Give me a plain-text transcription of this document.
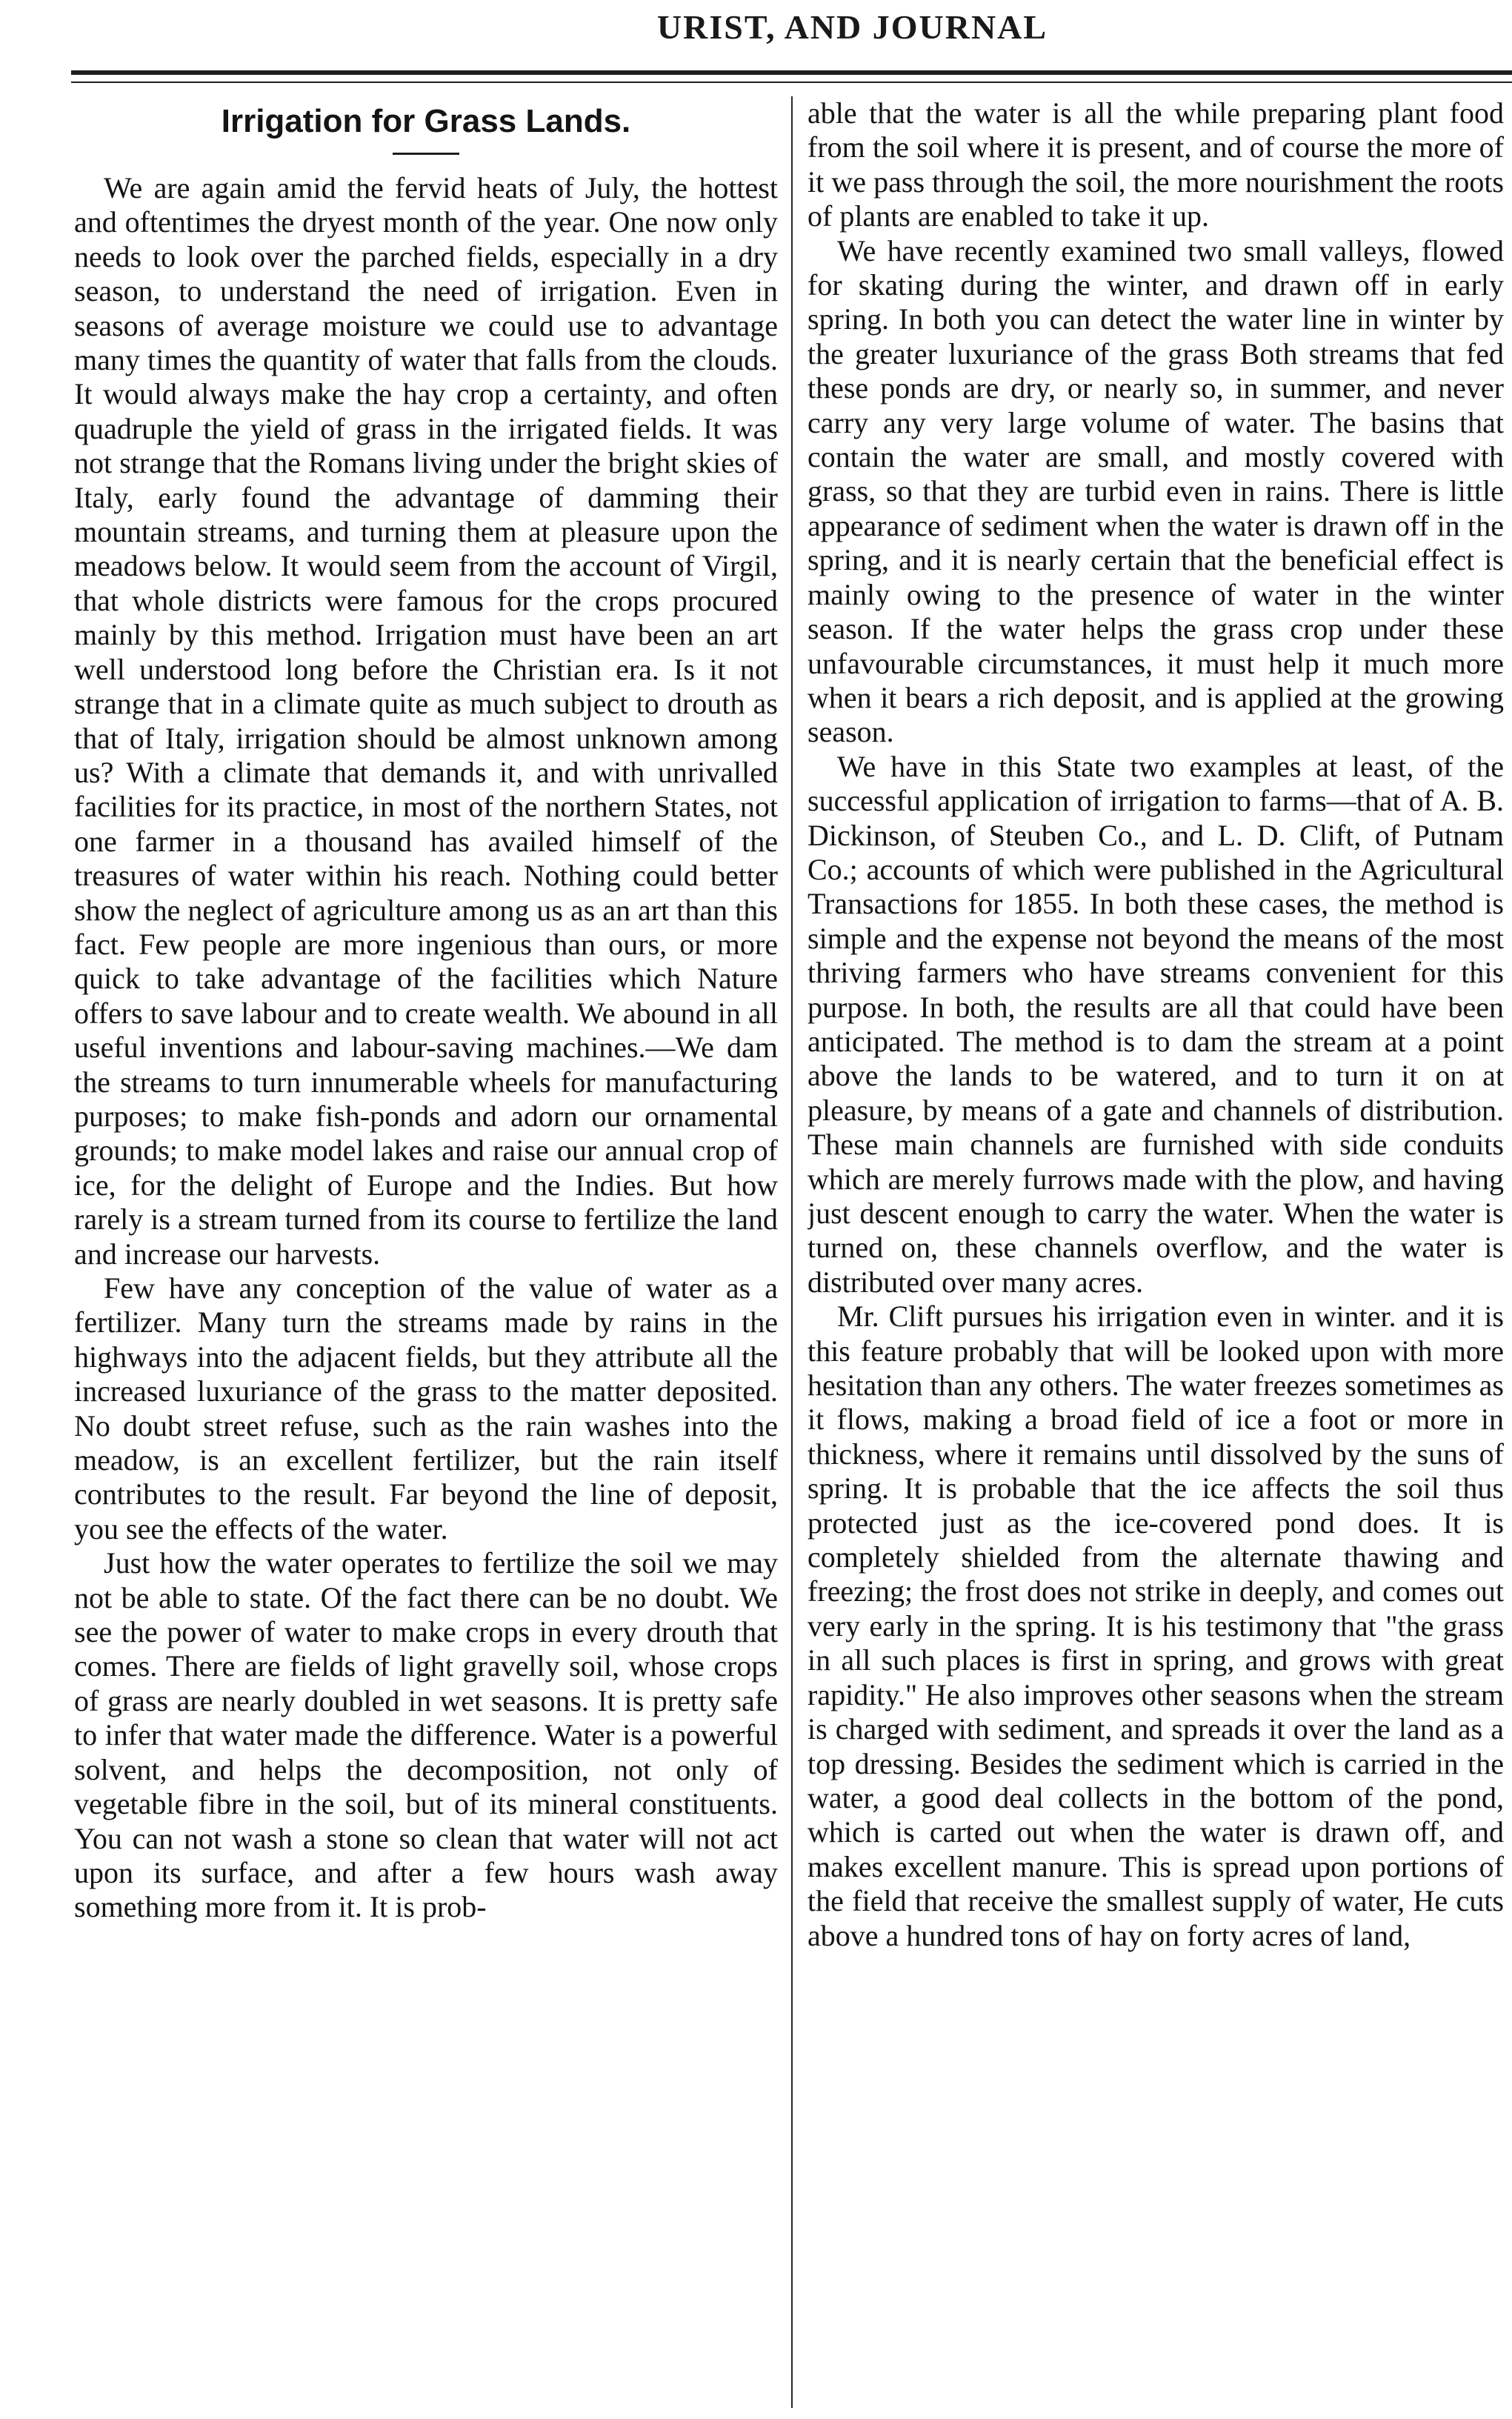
URIST, AND JOURNAL
Irrigation for Grass Lands.

We are again amid the fervid heats of July, the hottest and oftentimes the dryest month of the year. One now only needs to look over the parched fields, especially in a dry season, to understand the need of irrigation. Even in seasons of average moisture we could use to advantage many times the quantity of water that falls from the clouds. It would always make the hay crop a certainty, and often quadruple the yield of grass in the irrigated fields. It was not strange that the Romans living under the bright skies of Italy, early found the advantage of damming their mountain streams, and turning them at pleasure upon the meadows below. It would seem from the account of Virgil, that whole districts were famous for the crops procured mainly by this method. Irrigation must have been an art well understood long before the Christian era. Is it not strange that in a climate quite as much subject to drouth as that of Italy, irrigation should be almost unknown among us? With a climate that demands it, and with unrivalled facilities for its practice, in most of the northern States, not one farmer in a thousand has availed himself of the treasures of water within his reach. Nothing could better show the neglect of agriculture among us as an art than this fact. Few people are more ingenious than ours, or more quick to take advantage of the facilities which Nature offers to save labour and to create wealth. We abound in all useful inventions and labour-saving machines.—We dam the streams to turn innumerable wheels for manufacturing purposes; to make fish-ponds and adorn our ornamental grounds; to make model lakes and raise our annual crop of ice, for the delight of Europe and the Indies. But how rarely is a stream turned from its course to fertilize the land and increase our harvests.

Few have any conception of the value of water as a fertilizer. Many turn the streams made by rains in the highways into the adjacent fields, but they attribute all the increased luxuriance of the grass to the matter deposited. No doubt street refuse, such as the rain washes into the meadow, is an excellent fertilizer, but the rain itself contributes to the result. Far beyond the line of deposit, you see the effects of the water.

Just how the water operates to fertilize the soil we may not be able to state. Of the fact there can be no doubt. We see the power of water to make crops in every drouth that comes. There are fields of light gravelly soil, whose crops of grass are nearly doubled in wet seasons. It is pretty safe to infer that water made the difference. Water is a powerful solvent, and helps the decomposition, not only of vegetable fibre in the soil, but of its mineral constituents. You can not wash a stone so clean that water will not act upon its surface, and after a few hours wash away something more from it. It is prob-

able that the water is all the while preparing plant food from the soil where it is present, and of course the more of it we pass through the soil, the more nourishment the roots of plants are enabled to take it up.

We have recently examined two small valleys, flowed for skating during the winter, and drawn off in early spring. In both you can detect the water line in winter by the greater luxuriance of the grass Both streams that fed these ponds are dry, or nearly so, in summer, and never carry any very large volume of water. The basins that contain the water are small, and mostly covered with grass, so that they are turbid even in rains. There is little appearance of sediment when the water is drawn off in the spring, and it is nearly certain that the beneficial effect is mainly owing to the presence of water in the winter season. If the water helps the grass crop under these unfavourable circumstances, it must help it much more when it bears a rich deposit, and is applied at the growing season.

We have in this State two examples at least, of the successful application of irrigation to farms—that of A. B. Dickinson, of Steuben Co., and L. D. Clift, of Putnam Co.; accounts of which were published in the Agricultural Transactions for 1855. In both these cases, the method is simple and the expense not beyond the means of the most thriving farmers who have streams convenient for this purpose. In both, the results are all that could have been anticipated. The method is to dam the stream at a point above the lands to be watered, and to turn it on at pleasure, by means of a gate and channels of distribution. These main channels are furnished with side conduits which are merely furrows made with the plow, and having just descent enough to carry the water. When the water is turned on, these channels overflow, and the water is distributed over many acres.

Mr. Clift pursues his irrigation even in winter. and it is this feature probably that will be looked upon with more hesitation than any others. The water freezes sometimes as it flows, making a broad field of ice a foot or more in thickness, where it remains until dissolved by the suns of spring. It is probable that the ice affects the soil thus protected just as the ice-covered pond does. It is completely shielded from the alternate thawing and freezing; the frost does not strike in deeply, and comes out very early in the spring. It is his testimony that "the grass in all such places is first in spring, and grows with great rapidity." He also improves other seasons when the stream is charged with sediment, and spreads it over the land as a top dressing. Besides the sediment which is carried in the water, a good deal collects in the bottom of the pond, which is carted out when the water is drawn off, and makes excellent manure. This is spread upon portions of the field that receive the smallest supply of water, He cuts above a hundred tons of hay on forty acres of land,
